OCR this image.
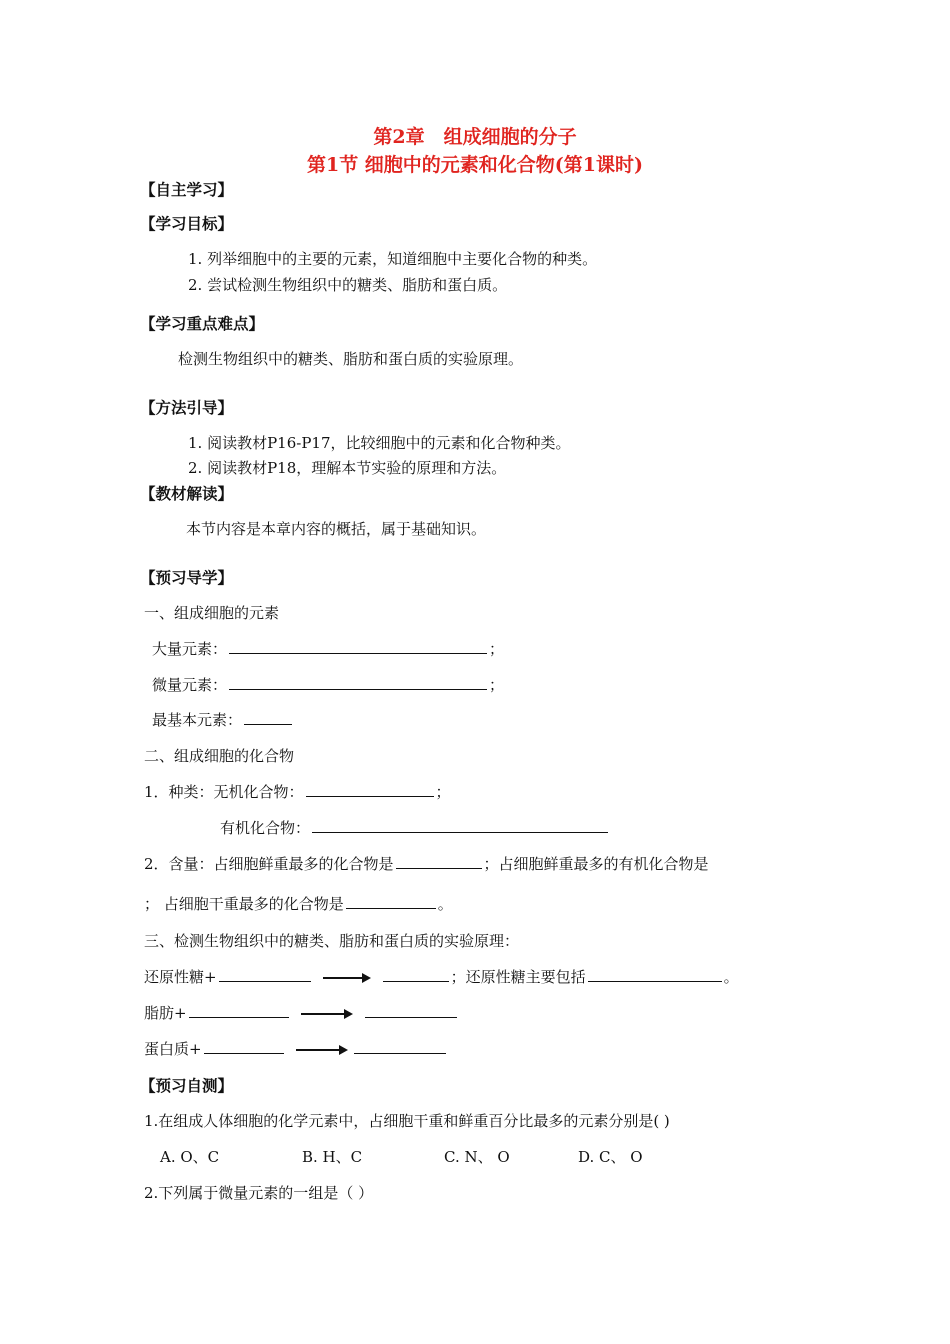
第2章　组成细胞的分子
第1节 细胞中的元素和化合物(第1课时)
【自主学习】
【学习目标】
1. 列举细胞中的主要的元素，知道细胞中主要化合物的种类。
2. 尝试检测生物组织中的糖类、脂肪和蛋白质。
【学习重点难点】
检测生物组织中的糖类、脂肪和蛋白质的实验原理。
【方法引导】
1. 阅读教材P16-P17，比较细胞中的元素和化合物种类。
2. 阅读教材P18，理解本节实验的原理和方法。
【教材解读】
本节内容是本章内容的概括，属于基础知识。
【预习导学】
一、组成细胞的元素
大量元素：	；
微量元素：	；
最基本元素：
二、组成细胞的化合物
1．种类：无机化合物：	；
有机化合物：
2．含量：占细胞鲜重最多的化合物是	；占细胞鲜重最多的有机化合物是
； 占细胞干重最多的化合物是	。
三、检测生物组织中的糖类、脂肪和蛋白质的实验原理：
还原性糖+	；还原性糖主要包括	。
脂肪+
蛋白质+
【预习自测】
1.在组成人体细胞的化学元素中，占细胞干重和鲜重百分比最多的元素分别是( )
A. O、C	B. H、C	C. N、 O	D. C、 O
2.下列属于微量元素的一组是（ ）
